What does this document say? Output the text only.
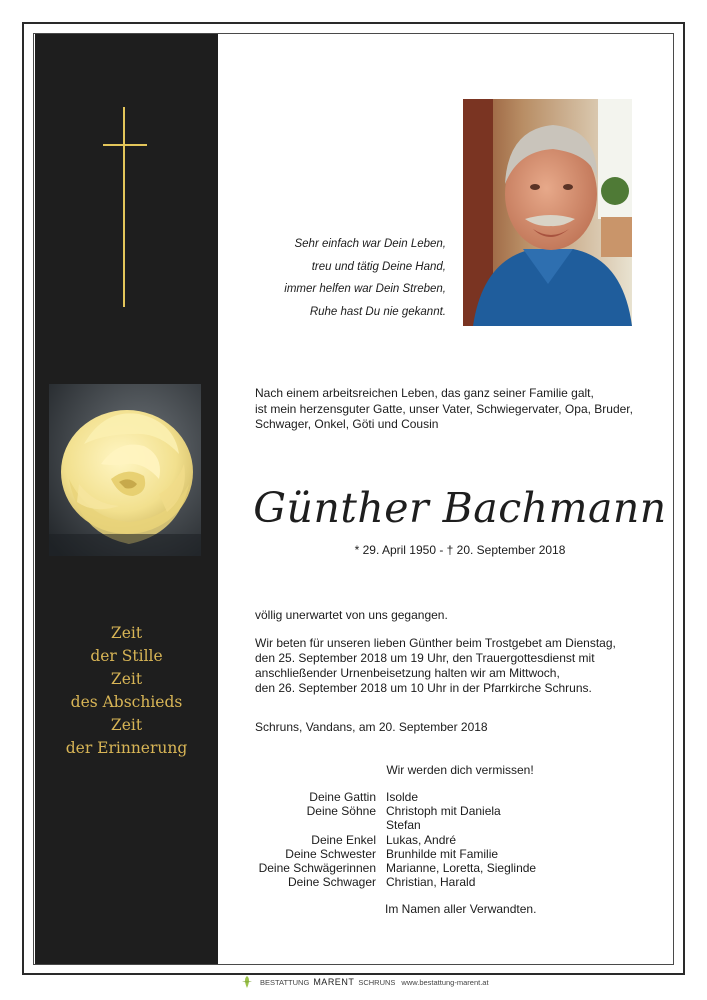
Zeit
der Stille
Zeit
des Abschieds
Zeit
der Erinnerung
Sehr einfach war Dein Leben,
treu und tätig Deine Hand,
immer helfen war Dein Streben,
Ruhe hast Du nie gekannt.
Nach einem arbeitsreichen Leben, das ganz seiner Familie galt,
ist mein herzensguter Gatte, unser Vater, Schwiegervater, Opa, Bruder,
Schwager, Onkel, Göti und Cousin
Günther Bachmann
* 29. April 1950 - † 20. September 2018
völlig unerwartet von uns gegangen.
Wir beten für unseren lieben Günther beim Trostgebet am Dienstag,
den 25. September 2018 um 19 Uhr, den Trauergottesdienst mit
anschließender Urnenbeisetzung halten wir am Mittwoch,
den 26. September 2018 um 10 Uhr in der Pfarrkirche Schruns.
Schruns, Vandans, am 20. September 2018
Wir werden dich vermissen!
Deine Gattin Isolde
Deine Söhne Christoph mit Daniela
Stefan
Deine Enkel Lukas, André
Deine Schwester Brunhilde mit Familie
Deine Schwägerinnen Marianne, Loretta, Sieglinde
Deine Schwager Christian, Harald
Im Namen aller Verwandten.
BESTATTUNG MARENT SCHRUNS www.bestattung-marent.at
